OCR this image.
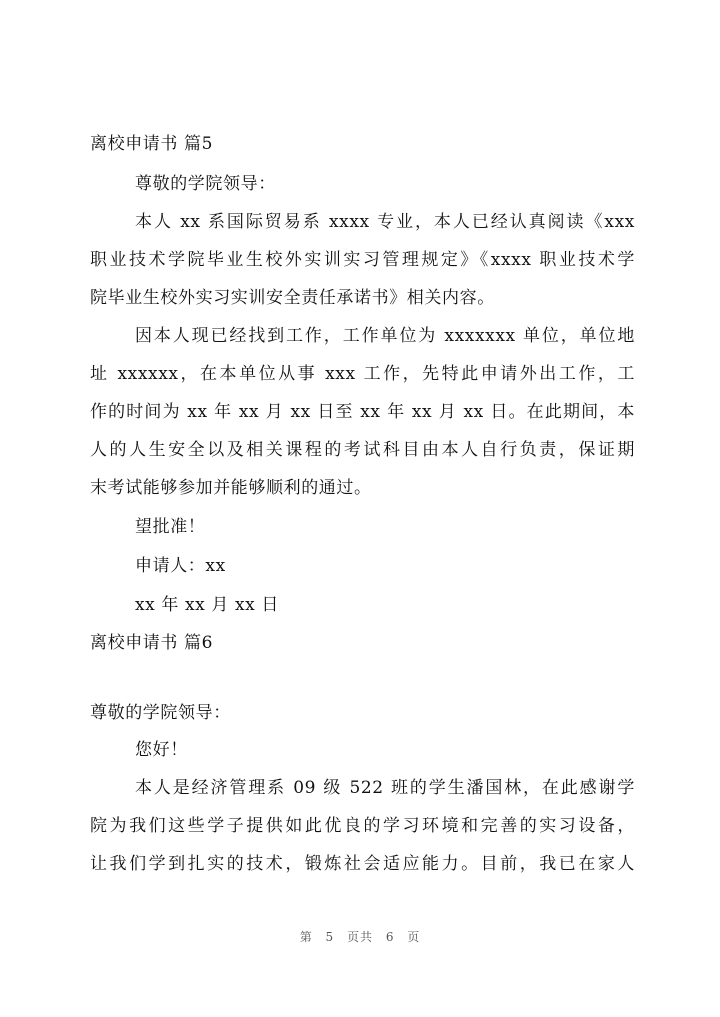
离校申请书 篇5
尊敬的学院领导：
本人 xx 系国际贸易系 xxxx 专业，本人已经认真阅读《xxx
职业技术学院毕业生校外实训实习管理规定》《xxxx 职业技术学
院毕业生校外实习实训安全责任承诺书》相关内容。
因本人现已经找到工作，工作单位为 xxxxxxx 单位，单位地
址 xxxxxx，在本单位从事 xxx 工作，先特此申请外出工作，工
作的时间为 xx 年 xx 月 xx 日至 xx 年 xx 月 xx 日。在此期间，本
人的人生安全以及相关课程的考试科目由本人自行负责，保证期
末考试能够参加并能够顺利的通过。
望批准！
申请人：xx
xx 年 xx 月 xx 日
离校申请书 篇6
尊敬的学院领导：
您好！
本人是经济管理系 09 级 522 班的学生潘国林，在此感谢学
院为我们这些学子提供如此优良的学习环境和完善的实习设备，
让我们学到扎实的技术，锻炼社会适应能力。目前，我已在家人
第 5 页共 6 页
